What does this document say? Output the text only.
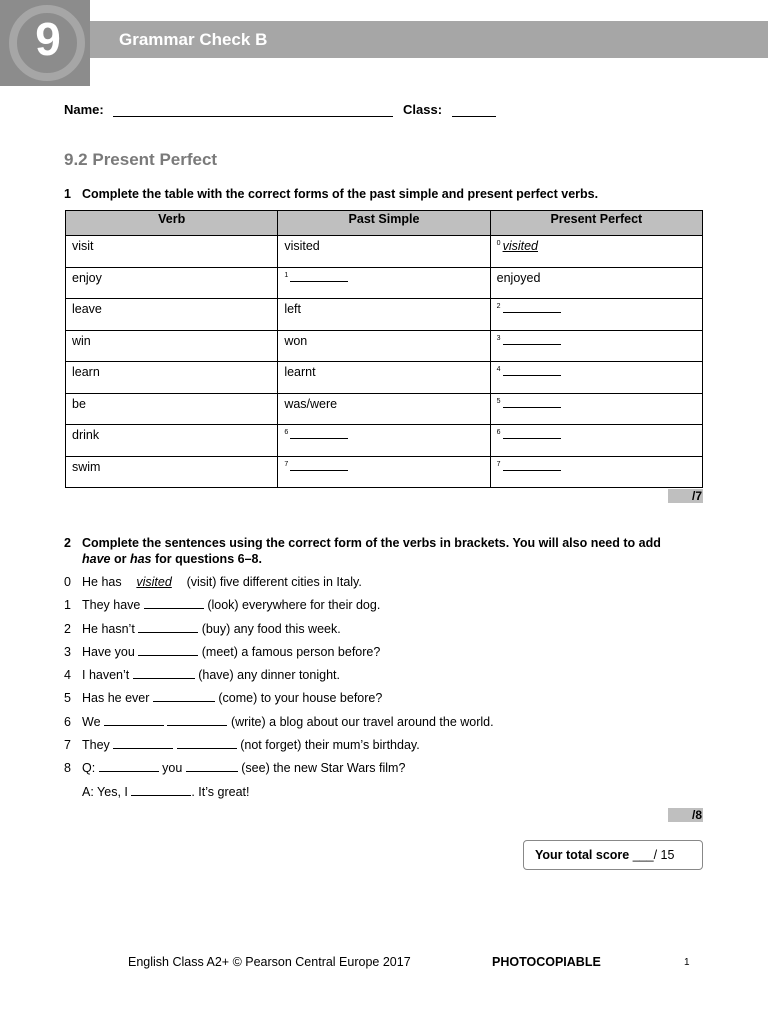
9	Grammar Check B
Name:	Class:
9.2 Present Perfect
1 Complete the table with the correct forms of the past simple and present perfect verbs.
Verb	Past Simple	Present Perfect
visit	visited	$^0$ visited
enjoy	$^1$	enjoyed
leave	left	$^2$
win	won	$^3$
learn	learnt	$^4$
be	was/were	$^5$
drink	$^6$	$^6$
swim	$^7$	$^7$
/7
2 Complete the sentences using the correct form of the verbs in brackets. You will also need to add
have or has for questions 6–8.
0 He has visited (visit) five different cities in Italy.
1 They have	(look) everywhere for their dog.
2 He hasn’t	(buy) any food this week.
3 Have you	(meet) a famous person before?
4 I haven’t	(have) any dinner tonight.
5 Has he ever	(come) to your house before?
6 We	(write) a blog about our travel around the world.
7 They	(not forget) their mum’s birthday.
8 Q:	you	(see) the new Star Wars film?
A: Yes, I	. It’s great!
/8
Your total score ___/ 15
English Class A2+ © Pearson Central Europe 2017	PHOTOCOPIABLE	1
